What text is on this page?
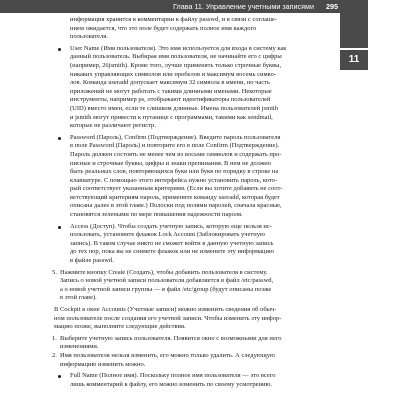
Глава 11. Управление учетными записями 295
11

информация хранится в комментарии к файлу passwd, и в связи с соглаше-

нием ожидается, что это поле будет содержать полное имя каждого

пользователя.

User Name (Имя пользователя). Это имя используется для входа в систему как

данный пользователь. Выбирая имя пользователя, не начинайте его с цифры

(например, 26jsmith). Кроме того, лучше применять только строчные буквы,

никаких управляющих символов или пробелов и максимум восемь симво-

лов. Команда useradd допускает максимум 32 символа в имени, но часть

приложений не могут работать с такими длинными именами. Некоторые

инструменты, например ps, отображают идентификаторы пользователей

(UID) вместо имен, если те слишком длинные. Имена пользователей jsmith

и jsmith могут привести к путанице с программами, такими как sendmail,

которые не различают регистр.

Password (Пароль), Confirm (Подтверждение). Введите пароль пользователя

в поле Password (Пароль) и повторите его в поле Confirm (Подтверждение).

Пароль должен состоять не менее чем из восьми символов и содержать про-

писные и строчные буквы, цифры и знаки препинания. В нем не должно

быть реальных слов, повторяющихся букв или букв по порядку в строке на

клавиатуре. С помощью этого интерфейса нужно установить пароль, кото-

рый соответствует указанным критериям. (Если вы хотите добавить не соот-

ветствующий критериям пароль, примените команду useradd, которая будет

описана далее в этой главе.) Полоски под полями паролей, сначала красные,

становятся зелеными по мере повышения надежности пароля.

Access (Доступ). Чтобы создать учетную запись, которую еще нельзя ис-

пользовать, установите флажок Lock Account (Заблокировать учетную

запись). В таком случае никто не сможет войти в данную учетную запись

до тех пор, пока вы не снимете флажок или не измените эту информацию

в файле passwd.

5. Нажмите кнопку Create (Создать), чтобы добавить пользователя в систему.

Запись о новой учетной записи пользователя добавляется в файл /etc/passwd,

а о новой учетной записи группы — в файл /etc/group (будут описаны позже

в этой главе).

В Cockpit в окне Accounts (Учетные записи) можно изменить сведения об обыч-

ном пользователе после создания его учетной записи. Чтобы изменить эту инфор-

мацию позже, выполните следующие действия.

1. Выберите учетную запись пользователя. Появится окно с возможными для него

изменениями.

2. Имя пользователя нельзя изменить, его можно только удалить. А следующую

информацию изменить можно.

Full Name (Полное имя). Поскольку полное имя пользователя — это всего

лишь комментарий к файлу, его можно изменить по своему усмотрению.
